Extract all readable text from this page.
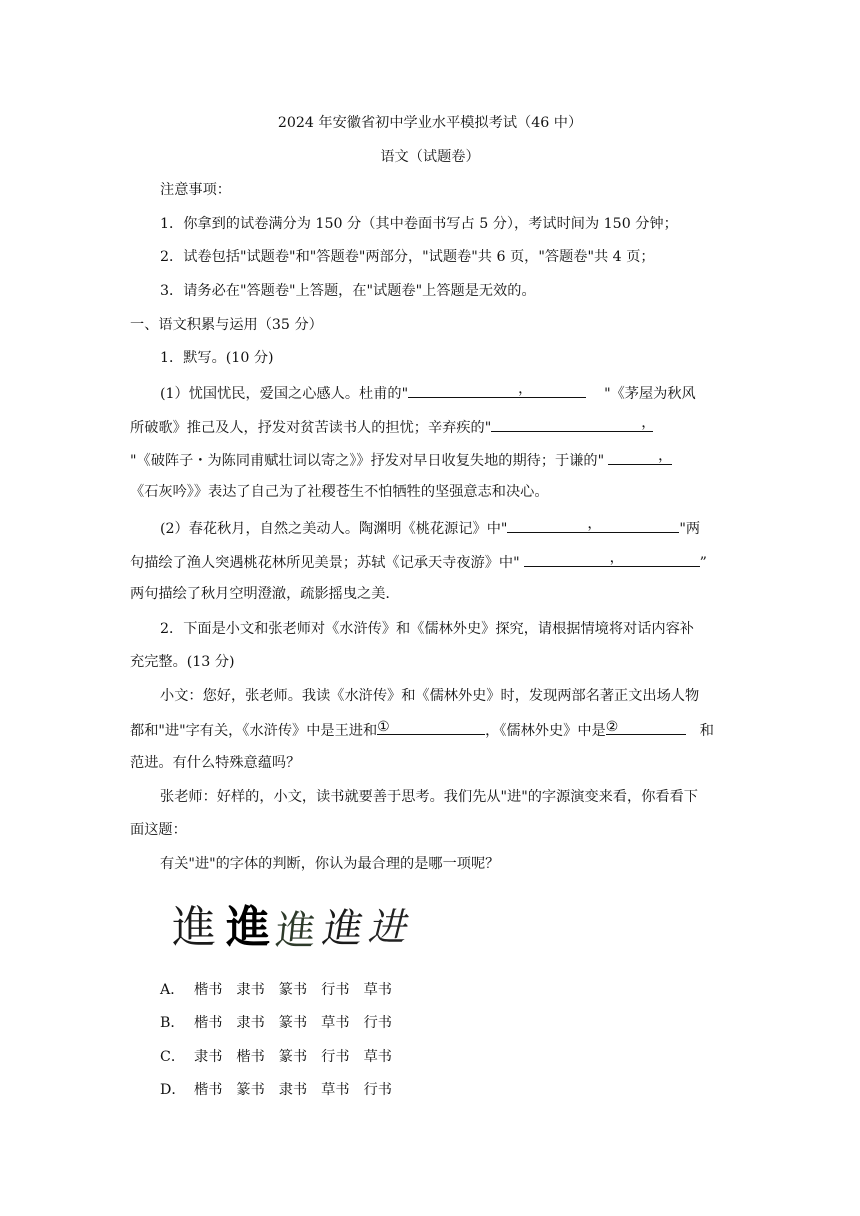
2024 年安徽省初中学业水平模拟考试（46 中）
语文（试题卷）
注意事项：
1．你拿到的试卷满分为 150 分（其中卷面书写占 5 分），考试时间为 150 分钟；
2．试卷包括"试题卷"和"答题卷"两部分，"试题卷"共 6 页，"答题卷"共 4 页；
3．请务必在"答题卷"上答题，在"试题卷"上答题是无效的。
一、语文积累与运用（35 分）
1．默写。(10 分)
(1）忧国忧民，爱国之心感人。杜甫的"	，	"《茅屋为秋风
所破歌》推己及人，抒发对贫苦读书人的担忧；辛弃疾的"	，
"《破阵子・为陈同甫赋壮词以寄之》》抒发对早日收复失地的期待；于谦的"	，
《石灰吟》》表达了自己为了社稷苍生不怕牺牲的坚强意志和决心。
(2）春花秋月，自然之美动人。陶渊明《桃花源记》中"	，	"两
句描绘了渔人突遇桃花林所见美景；苏轼《记承天寺夜游》中"	，	”
两句描绘了秋月空明澄澈，疏影摇曳之美.
2．下面是小文和张老师对《水浒传》和《儒林外史》探究，请根据情境将对话内容补
充完整。(13 分)
小文：您好，张老师。我读《水浒传》和《儒林外史》时，发现两部名著正文出场人物
都和"进"字有关，《水浒传》中是王进和 ①	，《儒林外史》中是 ②	和
范进。有什么特殊意蕴吗？
张老师：好样的，小文，读书就要善于思考。我们先从"进"的字源演变来看，你看看下
面这题：
有关"进"的字体的判断，你认为最合理的是哪一项呢？
進 進 進 進
进
A． 楷书 隶书 篆书 行书 草书
B． 楷书 隶书 篆书 草书 行书
C． 隶书 楷书 篆书 行书 草书
D． 楷书 篆书 隶书 草书 行书
